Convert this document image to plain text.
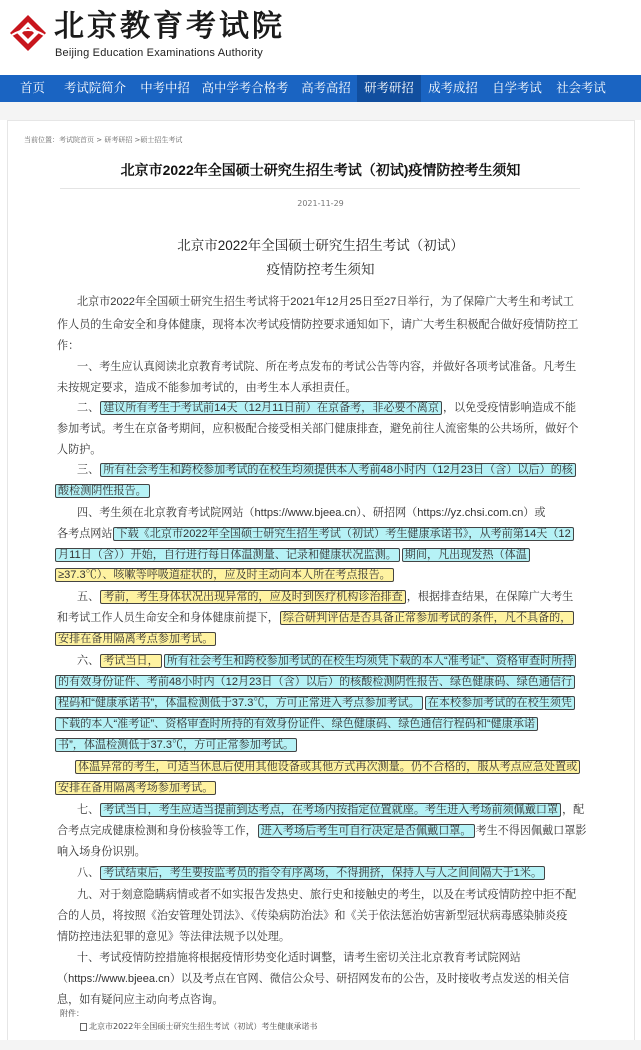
北京教育考试院
Beijing Education Examinations Authority
首页	考试院简介	中考中招 高中学考合格考	高考高招	研考研招	成考成招	自学考试	社会考试
当前位置：考试院首页 > 研考研招 >硕士招生考试
北京市2022年全国硕士研究生招生考试（初试)疫情防控考生须知
2021-11-29
北京市2022年全国硕士研究生招生考试（初试）
疫情防控考生须知
北京市2022年全国硕士研究生招生考试将于2021年12月25日至27日举行，为了保障广大考生和考试工
作人员的生命安全和身体健康，现将本次考试疫情防控要求通知如下，请广大考生积极配合做好疫情防控工
作：
一、考生应认真阅读北京教育考试院、所在考点发布的考试公告等内容，并做好各项考试准备。凡考生
未按规定要求，造成不能参加考试的，由考生本人承担责任。
二、 建议所有考生于考试前14天（12月11日前）在京备考，非必要不离京 ，以免受疫情影响造成不能
参加考试。考生在京备考期间，应积极配合接受相关部门健康排查，避免前往人流密集的公共场所，做好个
人防护。
三、 所有社会考生和跨校参加考试的在校生均须提供本人考前48小时内（12月23日（含）以后）的核
酸检测阴性报告。
四、考生须在北京教育考试院网站（https://www.bjeea.cn）、研招网（https://yz.chsi.com.cn）或
各考点网站 下载《北京市2022年全国硕士研究生招生考试（初试）考生健康承诺书》，从考前第14天（12
月11日（含））开始，自行进行每日体温测量、记录和健康状况监测。 期间，凡出现发热（体温
≥37.3℃）、咳嗽等呼吸道症状的，应及时主动向本人所在考点报告。
五、 考前，考生身体状况出现异常的，应及时到医疗机构诊治排查 ，根据排查结果，在保障广大考生
和考试工作人员生命安全和身体健康前提下， 综合研判评估是否具备正常参加考试的条件，凡不具备的，
安排在备用隔离考点参加考试。
六、 考试当日， 所有社会考生和跨校参加考试的在校生均须凭下载的本人“准考证”、资格审查时所持
的有效身份证件、考前48小时内（12月23日（含）以后）的核酸检测阴性报告、绿色健康码、绿色通信行
程码和“健康承诺书”，体温检测低于37.3℃，方可正常进入考点参加考试。 在本校参加考试的在校生须凭
下载的本人“准考证”、资格审查时所持的有效身份证件、绿色健康码、绿色通信行程码和“健康承诺
书”，体温检测低于37.3℃，方可正常参加考试。
体温异常的考生，可适当休息后使用其他设备或其他方式再次测量。仍不合格的，服从考点应急处置或
安排在备用隔离考场参加考试。
七、 考试当日，考生应适当提前到达考点，在考场内按指定位置就座。考生进入考场前须佩戴口罩 ，配
合考点完成健康检测和身份核验等工作， 进入考场后考生可自行决定是否佩戴口罩。 考生不得因佩戴口罩影
响入场身份识别。
八、 考试结束后，考生要按监考员的指令有序离场，不得拥挤，保持人与人之间间隔大于1米。
九、对于刻意隐瞒病情或者不如实报告发热史、旅行史和接触史的考生，以及在考试疫情防控中拒不配
合的人员，将按照《治安管理处罚法》、《传染病防治法》和《关于依法惩治妨害新型冠状病毒感染肺炎疫
情防控违法犯罪的意见》等法律法规予以处理。
十、考试疫情防控措施将根据疫情形势变化适时调整，请考生密切关注北京教育考试院网站
（https://www.bjeea.cn）以及考点在官网、微信公众号、研招网发布的公告，及时接收考点发送的相关信
息，如有疑问应主动向考点咨询。
附件：
北京市2022年全国硕士研究生招生考试（初试）考生健康承诺书
